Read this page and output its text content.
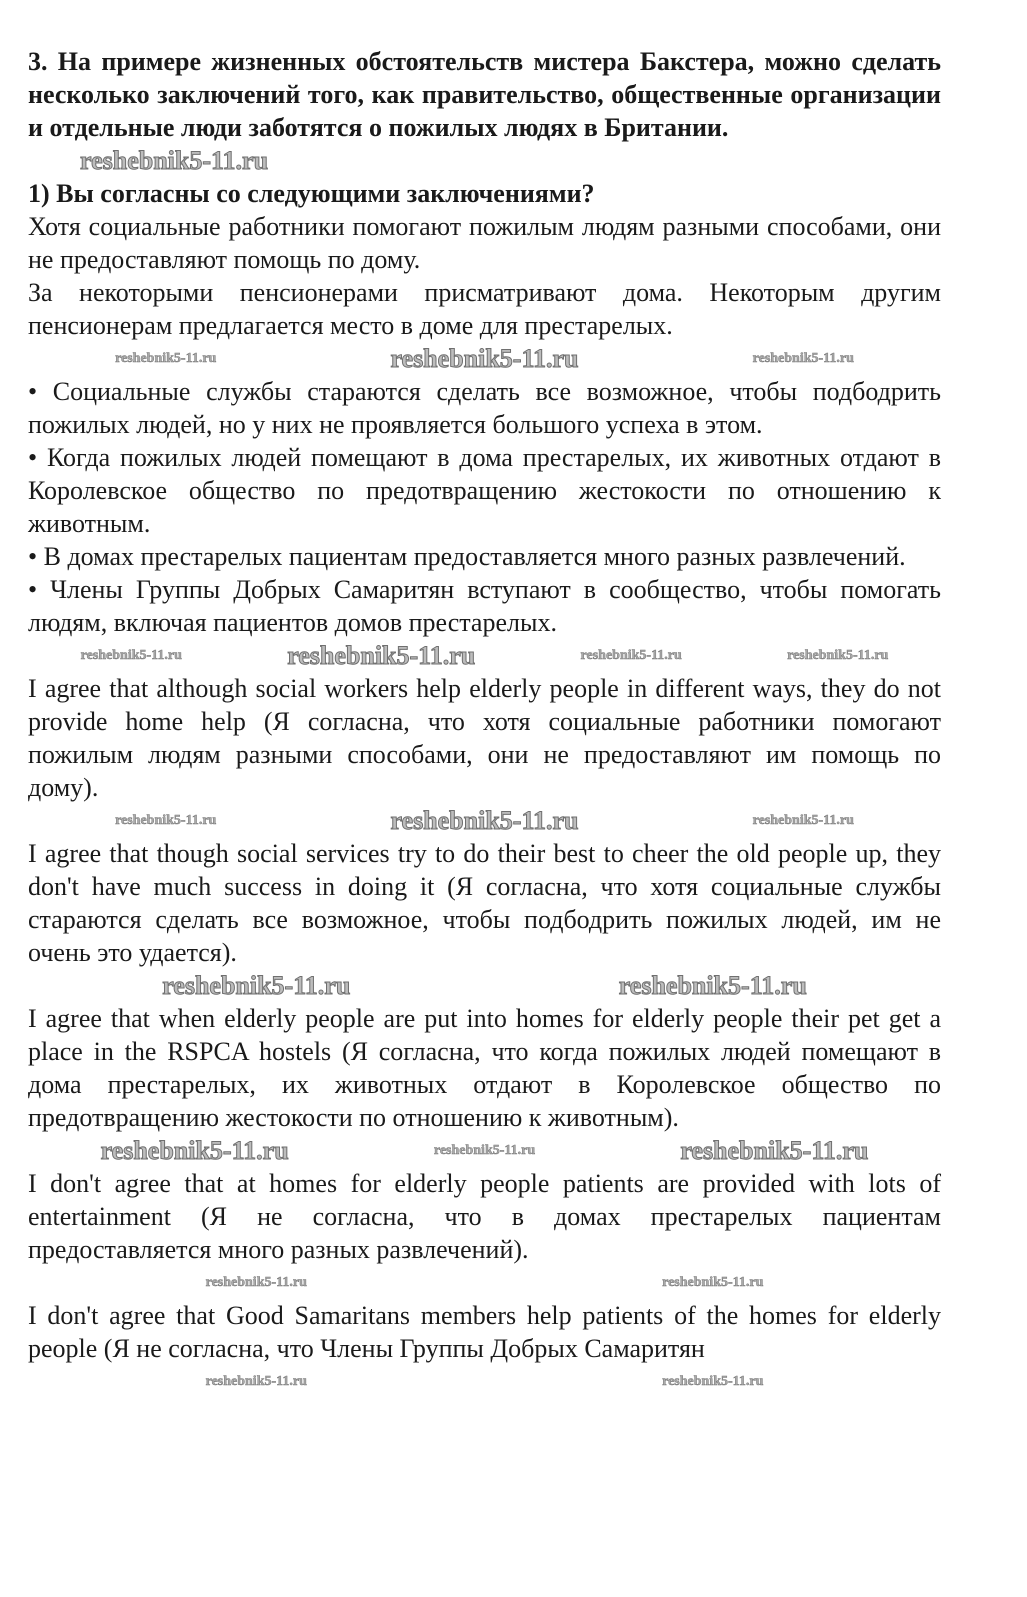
3. На примере жизненных обстоятельств мистера Бакстера, можно сделать несколько заключений того, как правительство, общественные организации и отдельные люди заботятся о пожилых людях в Британии.

reshebnik5-11.ru

1) Вы согласны со следующими заключениями?

Хотя социальные работники помогают пожилым людям разными способами, они не предоставляют помощь по дому.

За некоторыми пенсионерами присматривают дома. Некоторым другим пенсионерам предлагается место в доме для престарелых.

reshebnik5-11.ru	reshebnik5-11.ru	reshebnik5-11.ru

• Социальные службы стараются сделать все возможное, чтобы подбодрить пожилых людей, но у них не проявляется большого успеха в этом.

• Когда пожилых людей помещают в дома престарелых, их животных отдают в Королевское общество по предотвращению жестокости по отношению к животным.

• В домах престарелых пациентам предоставляется много разных развлечений.

• Члены Группы Добрых Самаритян вступают в сообщество, чтобы помогать людям, включая пациентов домов престарелых.

reshebnik5-11.ru	reshebnik5-11.ru	reshebnik5-11.ru	reshebnik5-11.ru

I agree that although social workers help elderly people in different ways, they do not provide home help (Я согласна, что хотя социальные работники помогают пожилым людям разными способами, они не предоставляют им помощь по дому).

reshebnik5-11.ru	reshebnik5-11.ru	reshebnik5-11.ru

I agree that though social services try to do their best to cheer the old people up, they don't have much success in doing it (Я согласна, что хотя социальные службы стараются сделать все возможное, чтобы подбодрить пожилых людей, им не очень это удается).

reshebnik5-11.ru	reshebnik5-11.ru

I agree that when elderly people are put into homes for elderly people their pet get a place in the RSPCA hostels (Я согласна, что когда пожилых людей помещают в дома престарелых, их животных отдают в Королевское общество по предотвращению жестокости по отношению к животным).

reshebnik5-11.ru	reshebnik5-11.ru	reshebnik5-11.ru

I don't agree that at homes for elderly people patients are provided with lots of entertainment (Я не согласна, что в домах престарелых пациентам предоставляется много разных развлечений).

reshebnik5-11.ru	reshebnik5-11.ru

I don't agree that Good Samaritans members help patients of the homes for elderly people (Я не согласна, что Члены Группы Добрых Самаритян

reshebnik5-11.ru	reshebnik5-11.ru
